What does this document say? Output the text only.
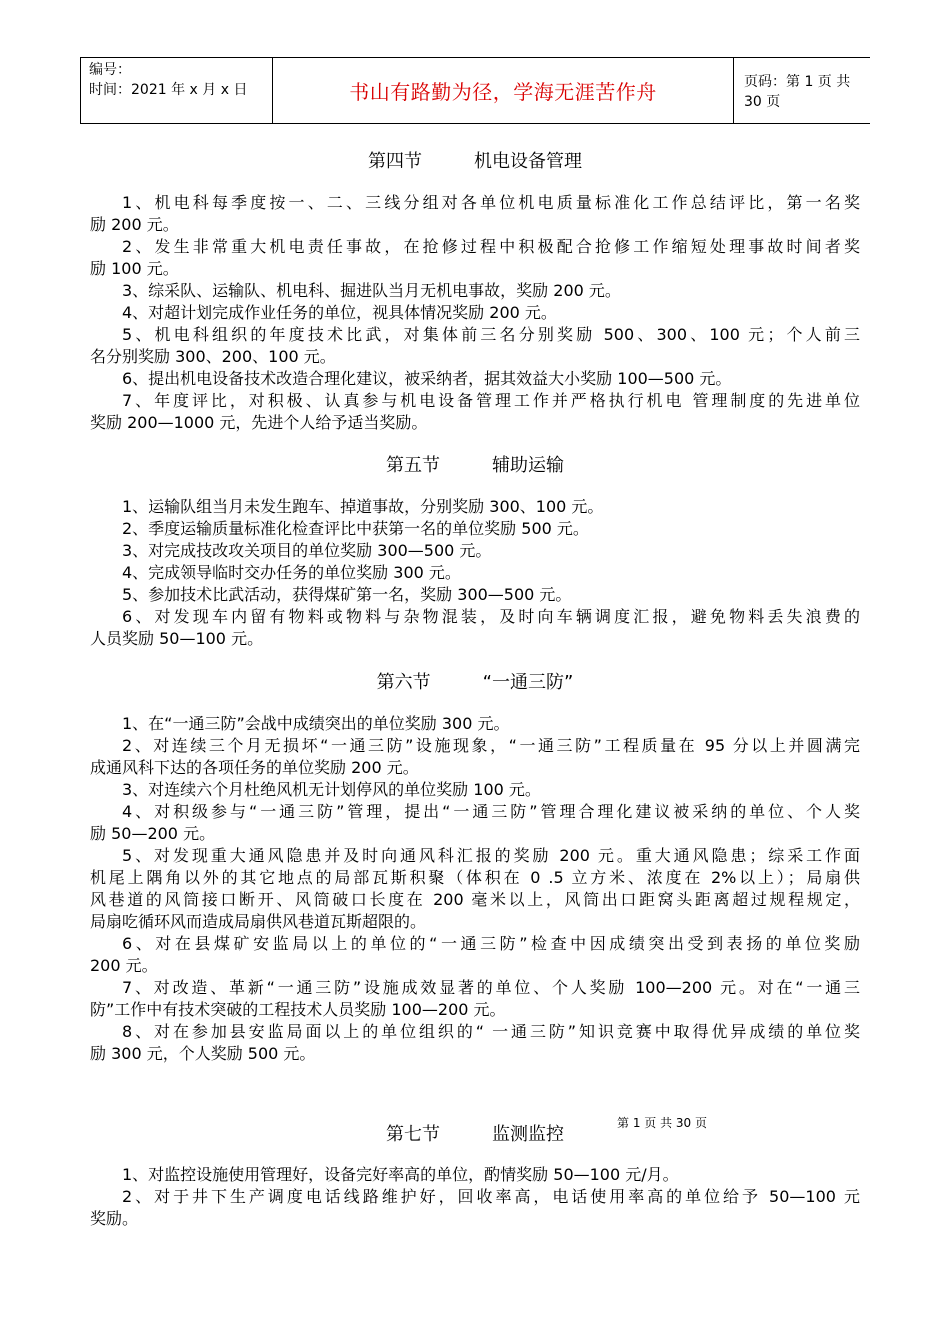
编号：
时间：2021 年 x 月 x 日	书山有路勤为径，学海无涯苦作舟	页码：第 1 页 共 30 页
第四节	机电设备管理
1、机电科每季度按一、二、三线分组对各单位机电质量标准化工作总结评比，第一名奖
励 200 元。
2、发生非常重大机电责任事故，在抢修过程中积极配合抢修工作缩短处理事故时间者奖
励 100 元。
3、综采队、运输队、机电科、掘进队当月无机电事故，奖励 200 元。
4、对超计划完成作业任务的单位，视具体情况奖励 200 元。
5、机电科组织的年度技术比武，对集体前三名分别奖励 500、300、100 元；个人前三
名分别奖励 300、200、100 元。
6、提出机电设备技术改造合理化建议，被采纳者，据其效益大小奖励 100—500 元。
7、年度评比，对积极、认真参与机电设备管理工作并严格执行机电 管理制度的先进单位
奖励 200—1000 元，先进个人给予适当奖励。
第五节	辅助运输
1、运输队组当月未发生跑车、掉道事故，分别奖励 300、100 元。
2、季度运输质量标准化检查评比中获第一名的单位奖励 500 元。
3、对完成技改攻关项目的单位奖励 300—500 元。
4、完成领导临时交办任务的单位奖励 300 元。
5、参加技术比武活动，获得煤矿第一名，奖励 300—500 元。
6、对发现车内留有物料或物料与杂物混装，及时向车辆调度汇报，避免物料丢失浪费的
人员奖励 50—100 元。
第六节	“一通三防”
1、在“一通三防”会战中成绩突出的单位奖励 300 元。
2、对连续三个月无损坏“一通三防”设施现象，“一通三防”工程质量在 95 分以上并圆满完
成通风科下达的各项任务的单位奖励 200 元。
3、对连续六个月杜绝风机无计划停风的单位奖励 100 元。
4、对积级参与“一通三防”管理，提出“一通三防”管理合理化建议被采纳的单位、个人奖
励 50—200 元。
5、对发现重大通风隐患并及时向通风科汇报的奖励 200 元。重大通风隐患；综采工作面
机尾上隅角以外的其它地点的局部瓦斯积聚（体积在 0 .5 立方米、浓度在 2%以上）；局扇供
风巷道的风筒接口断开、风筒破口长度在 200 毫米以上，风筒出口距窝头距离超过规程规定，
局扇吃循环风而造成局扇供风巷道瓦斯超限的。
6、对在县煤矿安监局以上的单位的“一通三防”检查中因成绩突出受到表扬的单位奖励
200 元。
7、对改造、革新“一通三防”设施成效显著的单位、个人奖励 100—200 元。对在“一通三
防”工作中有技术突破的工程技术人员奖励 100—200 元。
8、对在参加县安监局面以上的单位组织的“ 一通三防”知识竞赛中取得优异成绩的单位奖
励 300 元，个人奖励 500 元。
第七节	监测监控
第 1 页 共 30 页
1、对监控设施使用管理好，设备完好率高的单位，酌情奖励 50—100 元/月。
2、对于井下生产调度电话线路维护好，回收率高，电话使用率高的单位给予 50—100 元
奖励。
